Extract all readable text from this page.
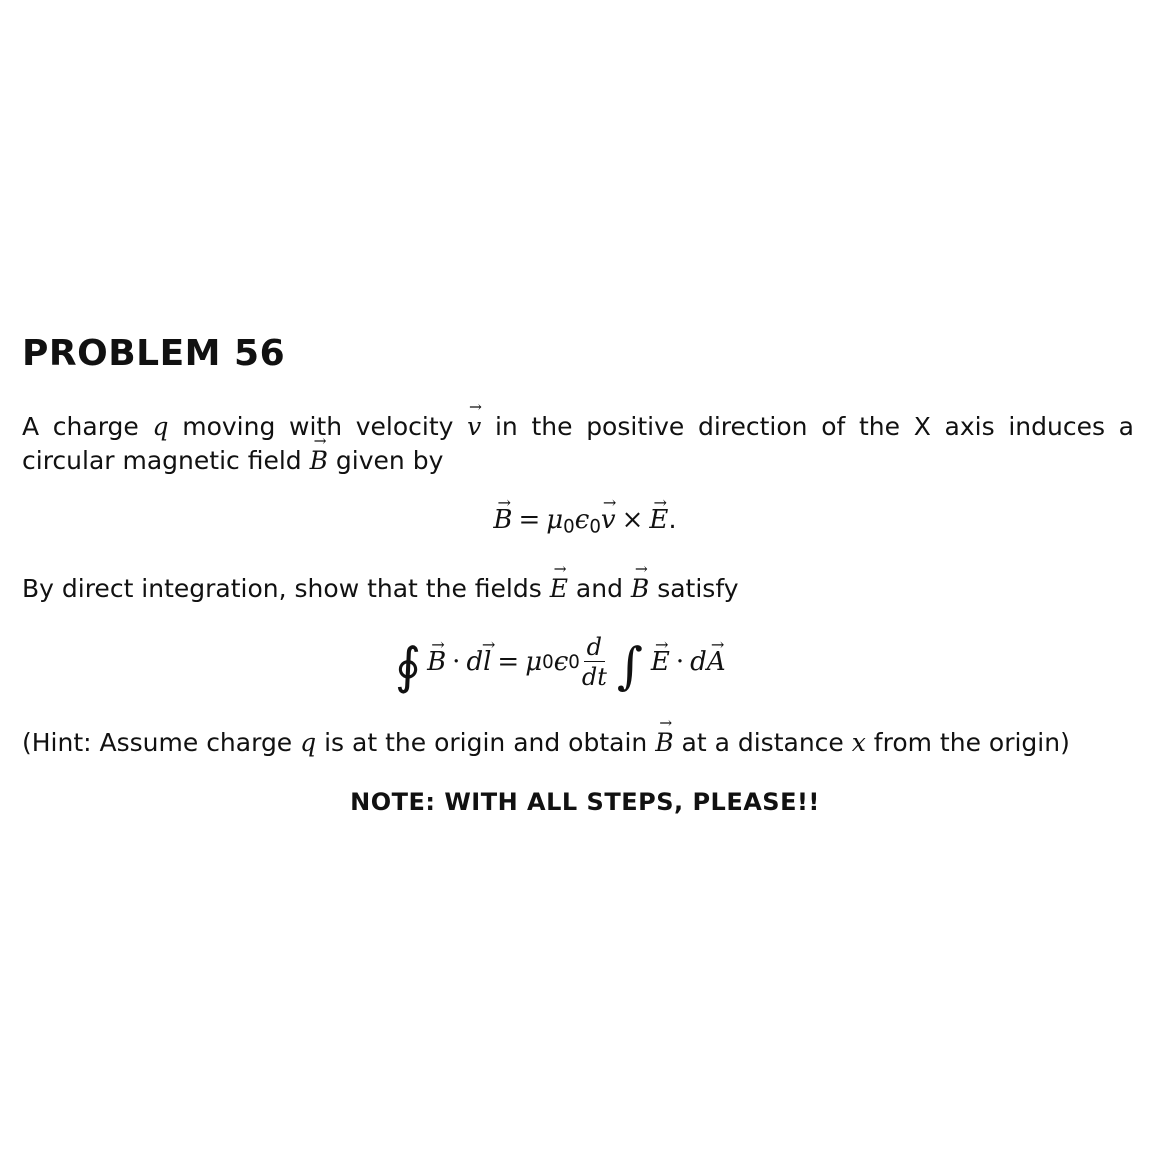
PROBLEM 56

A charge q moving with velocity v → in the positive direction of the X axis induces a circular magnetic field B → given by

B → = $\mu_0\epsilon_0v$ → × E →.

By direct integration, show that the fields E → and B → satisfy

∮ B → · d l → = μ 0 ϵ $0 \frac{d}{dt}$ ∫ E → · d A →

(Hint: Assume charge q is at the origin and obtain B → at a distance x from the origin)

NOTE: WITH ALL STEPS, PLEASE!!
